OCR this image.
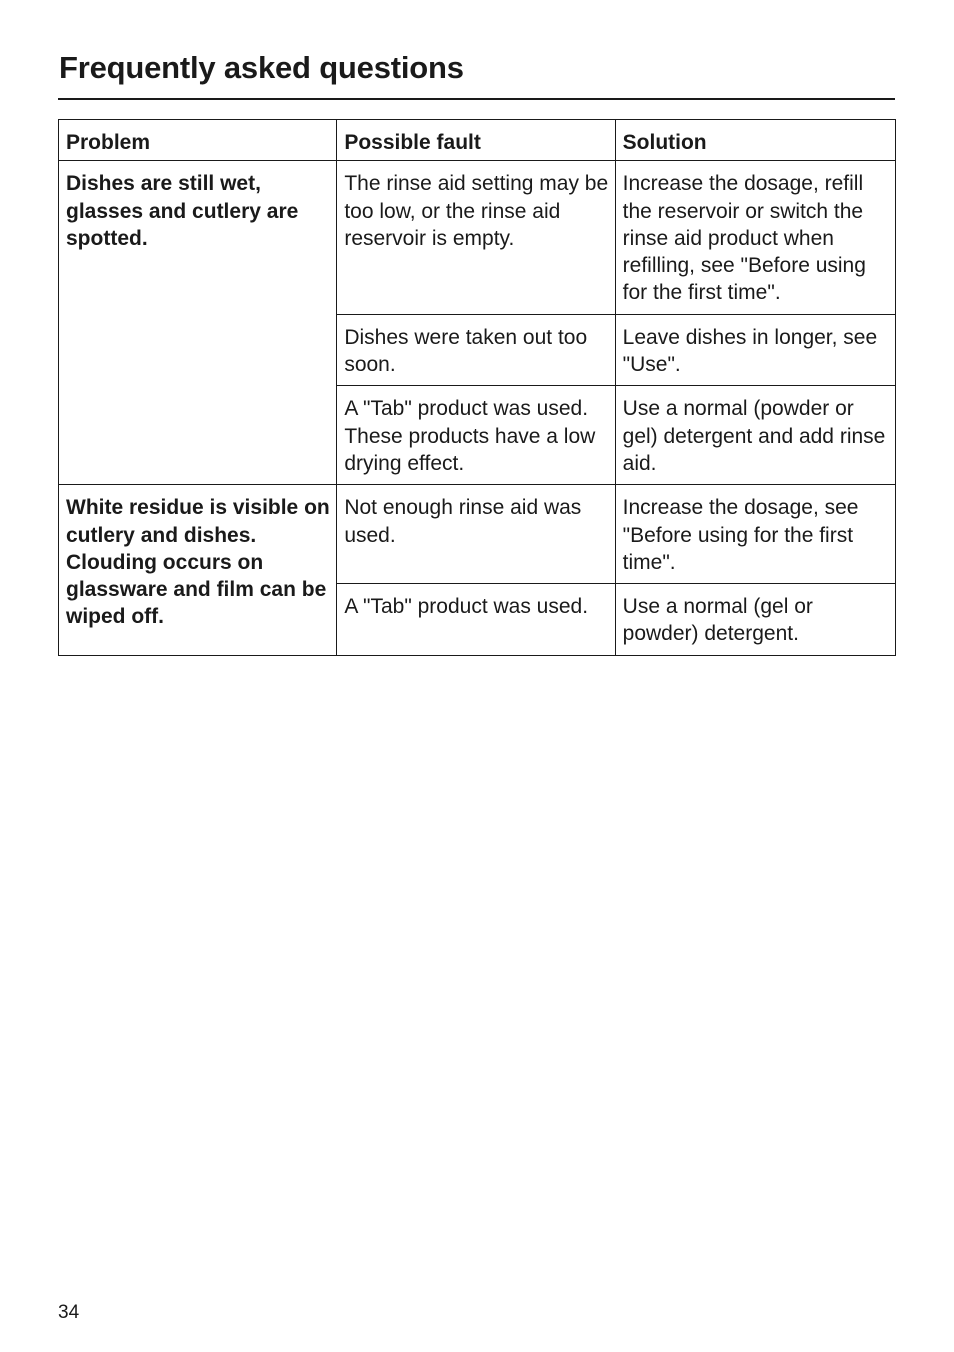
Frequently asked questions
Problem	Possible fault	Solution
Dishes are still wet, glasses and cutlery are spotted.	The rinse aid setting may be too low, or the rinse aid reservoir is empty.	Increase the dosage, refill the reservoir or switch the rinse aid product when refilling, see "Before using for the first time".
	Dishes were taken out too soon.	Leave dishes in longer, see "Use".
	A "Tab" product was used. These products have a low drying effect.	Use a normal (powder or gel) detergent and add rinse aid.
White residue is visible on cutlery and dishes. Clouding occurs on glassware and film can be wiped off.	Not enough rinse aid was used.	Increase the dosage, see "Before using for the first time".
	A "Tab" product was used.	Use a normal (gel or powder) detergent.
34
